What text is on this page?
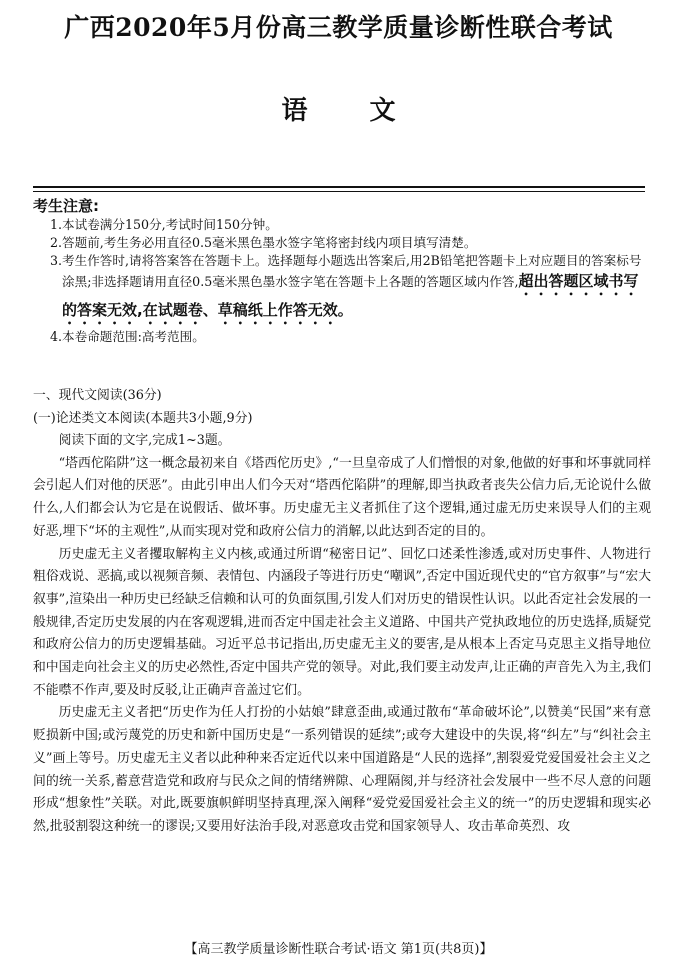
广西2020年5月份高三教学质量诊断性联合考试
语文
考生注意:

1.本试卷满分150分,考试时间150分钟。

2.答题前,考生务必用直径0.5毫米黑色墨水签字笔将密封线内项目填写清楚。

3.考生作答时,请将答案答在答题卡上。选择题每小题选出答案后,用2B铅笔把答题卡上对应题目的答案标号涂黑;非选择题请用直径0.5毫米黑色墨水签字笔在答题卡上各题的答题区域内作答,超出答题区域书写的答案无效,在试题卷、草稿纸上作答无效。

4.本卷命题范围:高考范围。

一、现代文阅读(36分)
(一)论述类文本阅读(本题共3小题,9分)

阅读下面的文字,完成1~3题。

“塔西佗陷阱”这一概念最初来自《塔西佗历史》,“一旦皇帝成了人们憎恨的对象,他做的好事和坏事就同样会引起人们对他的厌恶”。由此引申出人们今天对“塔西佗陷阱”的理解,即当执政者丧失公信力后,无论说什么做什么,人们都会认为它是在说假话、做坏事。历史虚无主义者抓住了这个逻辑,通过虚无历史来误导人们的主观好恶,埋下“坏的主观性”,从而实现对党和政府公信力的消解,以此达到否定的目的。

历史虚无主义者攫取解构主义内核,或通过所谓“秘密日记”、回忆口述柔性渗透,或对历史事件、人物进行粗俗戏说、恶搞,或以视频音频、表情包、内涵段子等进行历史“嘲讽”,否定中国近现代史的“官方叙事”与“宏大叙事”,渲染出一种历史已经缺乏信赖和认可的负面氛围,引发人们对历史的错误性认识。以此否定社会发展的一般规律,否定历史发展的内在客观逻辑,进而否定中国走社会主义道路、中国共产党执政地位的历史选择,质疑党和政府公信力的历史逻辑基础。习近平总书记指出,历史虚无主义的要害,是从根本上否定马克思主义指导地位和中国走向社会主义的历史必然性,否定中国共产党的领导。对此,我们要主动发声,让正确的声音先入为主,我们不能噤不作声,要及时反驳,让正确声音盖过它们。

历史虚无主义者把“历史作为任人打扮的小姑娘”肆意歪曲,或通过散布“革命破坏论”,以赞美“民国”来有意贬损新中国;或污蔑党的历史和新中国历史是“一系列错误的延续”;或夸大建设中的失误,将“纠左”与“纠社会主义”画上等号。历史虚无主义者以此种种来否定近代以来中国道路是“人民的选择”,割裂爱党爱国爱社会主义之间的统一关系,蓄意营造党和政府与民众之间的情绪辨隙、心理隔阂,并与经济社会发展中一些不尽人意的问题形成“想象性”关联。对此,既要旗帜鲜明坚持真理,深入阐释“爱党爱国爱社会主义的统一”的历史逻辑和现实必然,批驳割裂这种统一的谬误;又要用好法治手段,对恶意攻击党和国家领导人、攻击革命英烈、攻

【高三教学质量诊断性联合考试·语文 第1页(共8页)】
